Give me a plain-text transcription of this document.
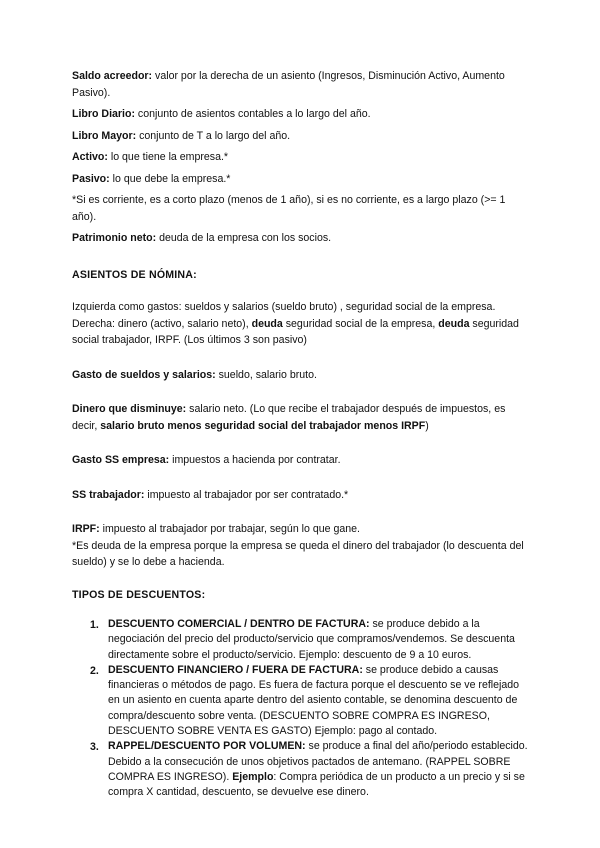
Saldo acreedor: valor por la derecha de un asiento (Ingresos, Disminución Activo, Aumento Pasivo).

Libro Diario: conjunto de asientos contables a lo largo del año.

Libro Mayor: conjunto de T a lo largo del año.

Activo: lo que tiene la empresa.*

Pasivo: lo que debe la empresa.*

*Si es corriente, es a corto plazo (menos de 1 año), si es no corriente, es a largo plazo (>= 1 año).

Patrimonio neto: deuda de la empresa con los socios.

ASIENTOS DE NÓMINA:

Izquierda como gastos: sueldos y salarios (sueldo bruto) , seguridad social de la empresa.
Derecha: dinero (activo, salario neto), deuda seguridad social de la empresa, deuda seguridad social trabajador, IRPF. (Los últimos 3 son pasivo)

Gasto de sueldos y salarios: sueldo, salario bruto.

Dinero que disminuye: salario neto. (Lo que recibe el trabajador después de impuestos, es decir, salario bruto menos seguridad social del trabajador menos IRPF)

Gasto SS empresa: impuestos a hacienda por contratar.

SS trabajador: impuesto al trabajador por ser contratado.*

IRPF: impuesto al trabajador por trabajar, según lo que gane.

*Es deuda de la empresa porque la empresa se queda el dinero del trabajador (lo descuenta del sueldo) y se lo debe a hacienda.

TIPOS DE DESCUENTOS:

1. DESCUENTO COMERCIAL / DENTRO DE FACTURA: se produce debido a la negociación del precio del producto/servicio que compramos/vendemos. Se descuenta directamente sobre el producto/servicio. Ejemplo: descuento de 9 a 10 euros.

2. DESCUENTO FINANCIERO / FUERA DE FACTURA: se produce debido a causas financieras o métodos de pago. Es fuera de factura porque el descuento se ve reflejado en un asiento en cuenta aparte dentro del asiento contable, se denomina descuento de compra/descuento sobre venta. (DESCUENTO SOBRE COMPRA ES INGRESO, DESCUENTO SOBRE VENTA ES GASTO) Ejemplo: pago al contado.

3. RAPPEL/DESCUENTO POR VOLUMEN: se produce a final del año/periodo establecido. Debido a la consecución de unos objetivos pactados de antemano. (RAPPEL SOBRE COMPRA ES INGRESO). Ejemplo: Compra periódica de un producto a un precio y si se compra X cantidad, descuento, se devuelve ese dinero.
